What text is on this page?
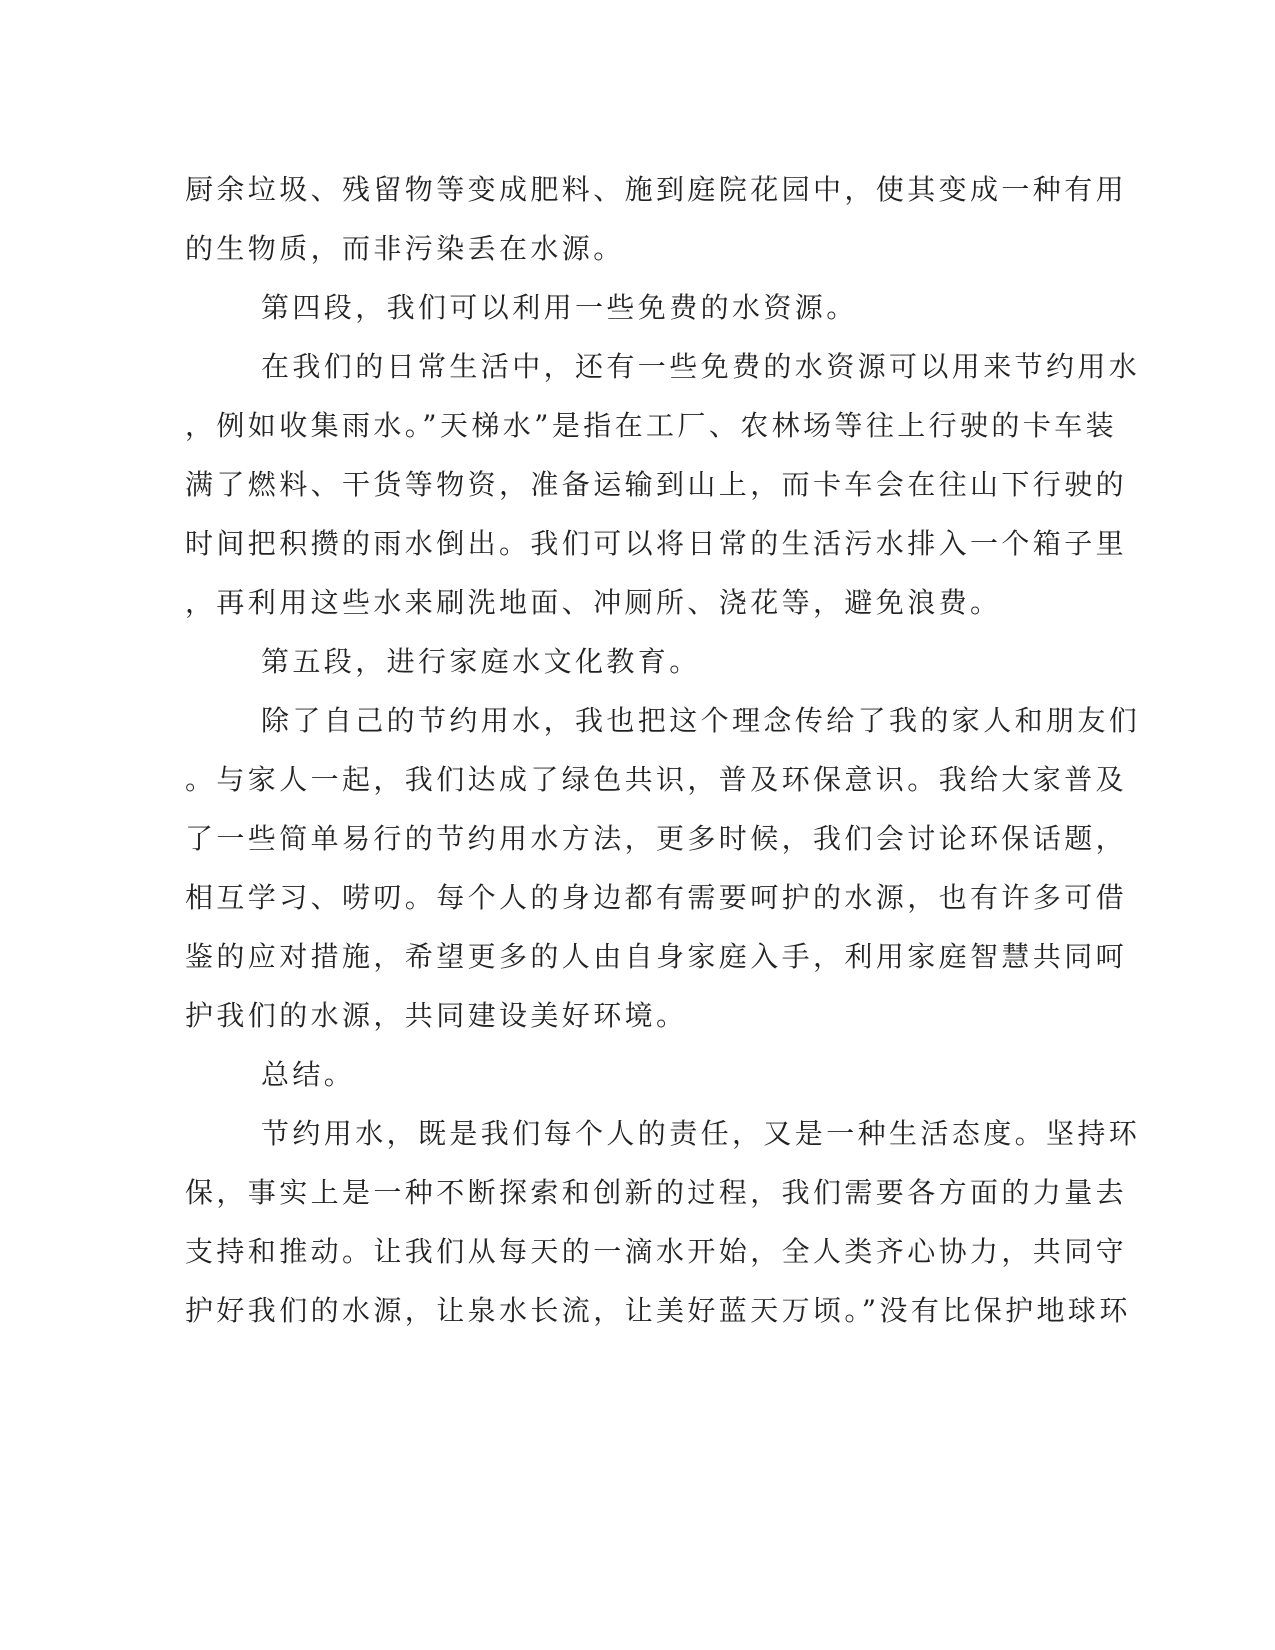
厨余垃圾、残留物等变成肥料、施到庭院花园中，使其变成一种有用
的生物质，而非污染丢在水源。
第四段，我们可以利用一些免费的水资源。
在我们的日常生活中，还有一些免费的水资源可以用来节约用水
，例如收集雨水。”天梯水”是指在工厂、农林场等往上行驶的卡车装
满了燃料、干货等物资，准备运输到山上，而卡车会在往山下行驶的
时间把积攒的雨水倒出。我们可以将日常的生活污水排入一个箱子里
，再利用这些水来刷洗地面、冲厕所、浇花等，避免浪费。
第五段，进行家庭水文化教育。
除了自己的节约用水，我也把这个理念传给了我的家人和朋友们
。与家人一起，我们达成了绿色共识，普及环保意识。我给大家普及
了一些简单易行的节约用水方法，更多时候，我们会讨论环保话题，
相互学习、唠叨。每个人的身边都有需要呵护的水源，也有许多可借
鉴的应对措施，希望更多的人由自身家庭入手，利用家庭智慧共同呵
护我们的水源，共同建设美好环境。
总结。
节约用水，既是我们每个人的责任，又是一种生活态度。坚持环
保，事实上是一种不断探索和创新的过程，我们需要各方面的力量去
支持和推动。让我们从每天的一滴水开始，全人类齐心协力，共同守
护好我们的水源，让泉水长流，让美好蓝天万顷。”没有比保护地球环
